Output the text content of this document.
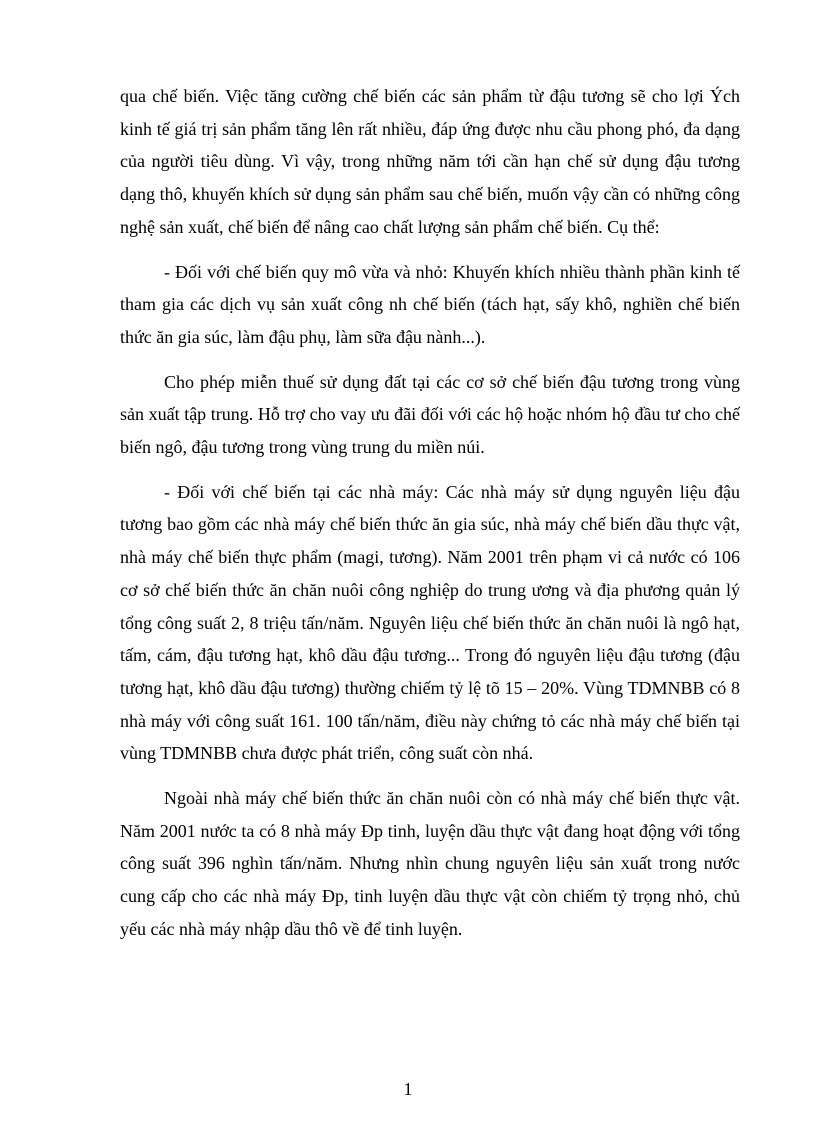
qua chế biến. Việc tăng cường chế biến các sản phẩm từ đậu tương sẽ cho lợi Ých kinh tế giá trị sản phẩm tăng lên rất nhiều, đáp ứng được nhu cầu phong phó, đa dạng của người tiêu dùng. Vì vậy, trong những năm tới cần hạn chế sử dụng đậu tương dạng thô, khuyến khích sử dụng sản phẩm sau chế biến, muốn vậy cần có những công nghệ sản xuất, chế biến để nâng cao chất lượng sản phẩm chế biến. Cụ thể:

- Đối với chế biến quy mô vừa và nhỏ: Khuyến khích nhiều thành phần kinh tế tham gia các dịch vụ sản xuất công nh chế biến (tách hạt, sấy khô, nghiền chế biến thức ăn gia súc, làm đậu phụ, làm sữa đậu nành...).

Cho phép miễn thuế sử dụng đất tại các cơ sở chế biến đậu tương trong vùng sản xuất tập trung. Hỗ trợ cho vay ưu đãi đối với các hộ hoặc nhóm hộ đầu tư cho chế biến ngô, đậu tương trong vùng trung du miền núi.

- Đối với chế biến tại các nhà máy: Các nhà máy sử dụng nguyên liệu đậu tương bao gồm các nhà máy chế biến thức ăn gia súc, nhà máy chế biến dầu thực vật, nhà máy chế biến thực phẩm (magi, tương). Năm 2001 trên phạm vi cả nước có 106 cơ sở chế biến thức ăn chăn nuôi công nghiệp do trung ương và địa phương quản lý tổng công suất 2, 8 triệu tấn/năm. Nguyên liệu chế biến thức ăn chăn nuôi là ngô hạt, tấm, cám, đậu tương hạt, khô dầu đậu tương... Trong đó nguyên liệu đậu tương (đậu tương hạt, khô dầu đậu tương) thường chiếm tỷ lệ tõ 15 – 20%. Vùng TDMNBB có 8 nhà máy với công suất 161. 100 tấn/năm, điều này chứng tỏ các nhà máy chế biến tại vùng TDMNBB chưa được phát triển, công suất còn nhá.

Ngoài nhà máy chế biến thức ăn chăn nuôi còn có nhà máy chế biến thực vật. Năm 2001 nước ta có 8 nhà máy Ðp tinh, luyện dầu thực vật đang hoạt động với tổng công suất 396 nghìn tấn/năm. Nhưng nhìn chung nguyên liệu sản xuất trong nước cung cấp cho các nhà máy Ðp, tinh luyện dầu thực vật còn chiếm tỷ trọng nhỏ, chủ yếu các nhà máy nhập dầu thô về để tinh luyện.

1
